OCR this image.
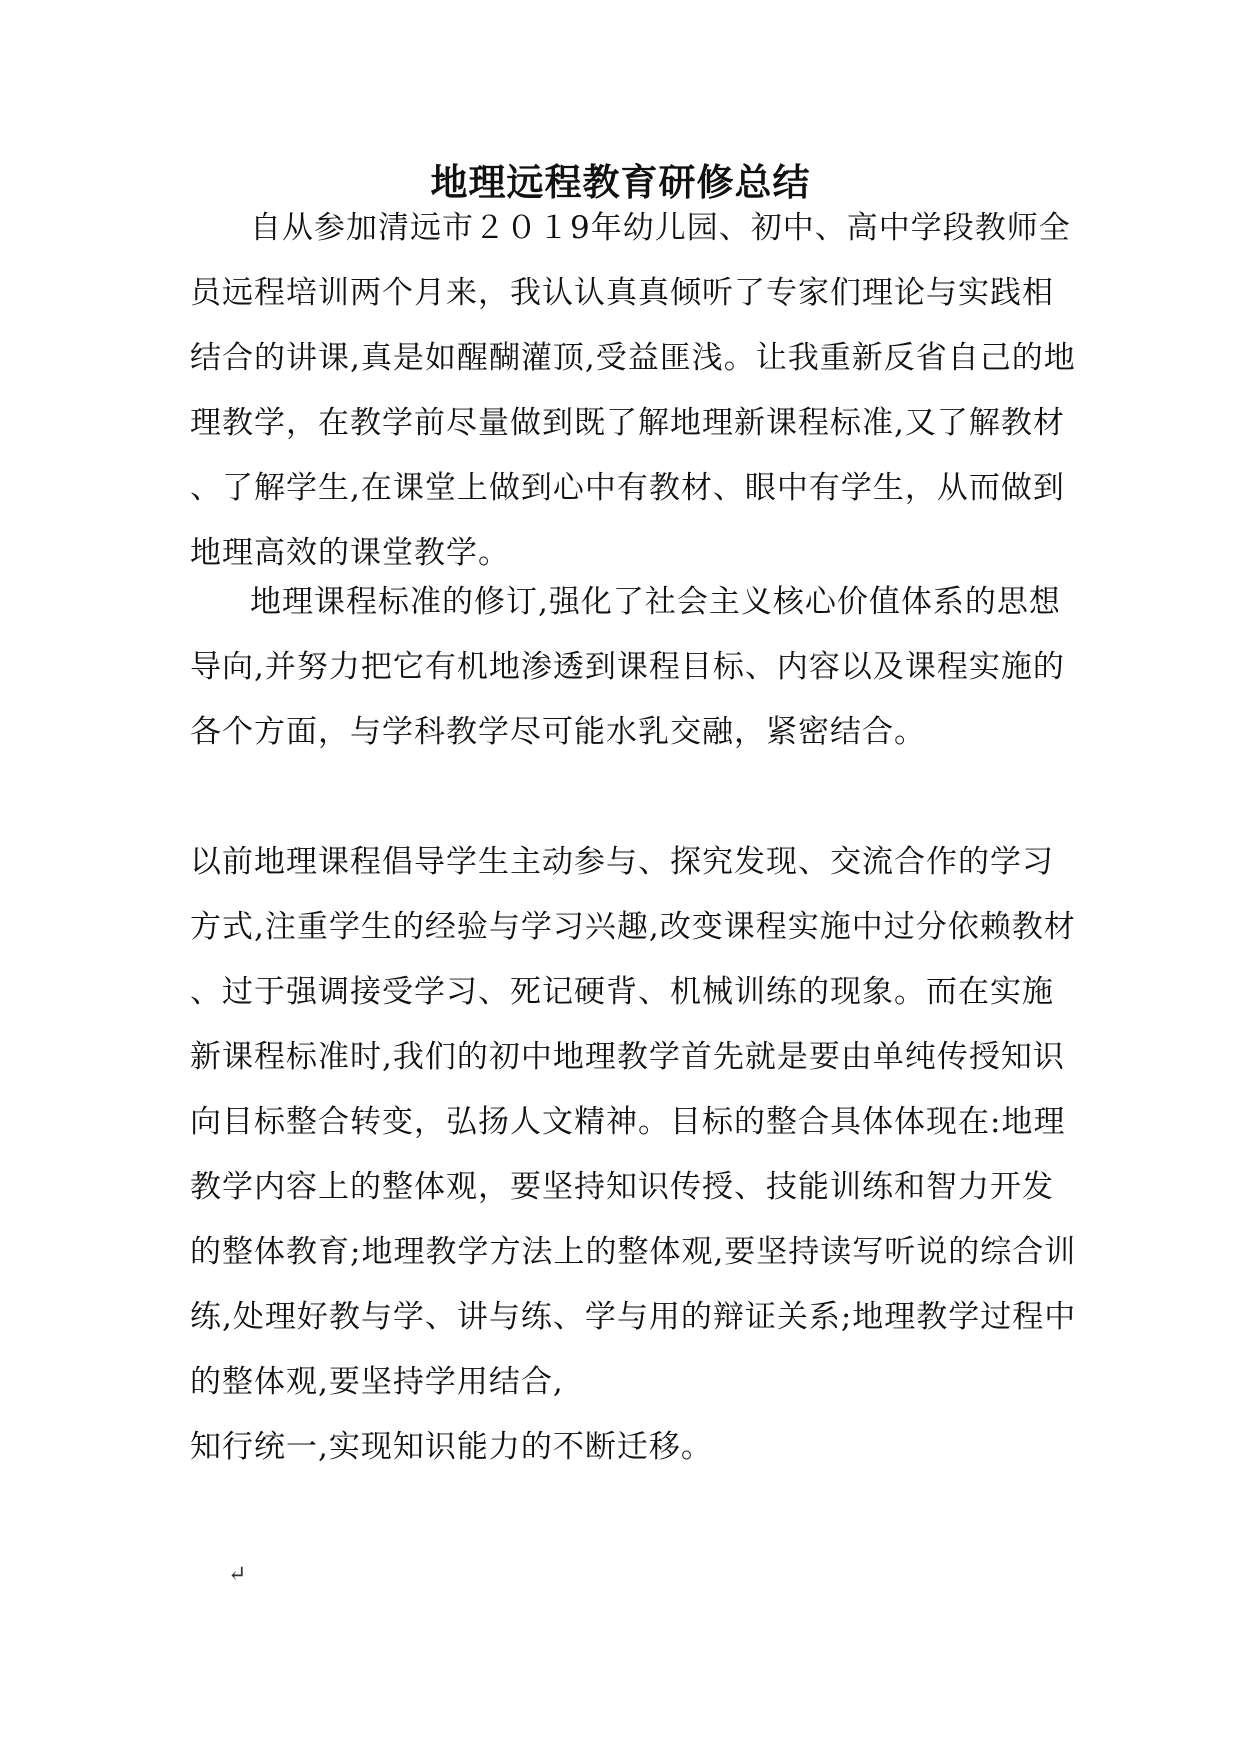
地理远程教育研修总结
自从参加清远市２０１9年幼儿园、初中、高中学段教师全
员远程培训两个月来，我认认真真倾听了专家们理论与实践相
结合的讲课,真是如醒醐灌顶,受益匪浅。让我重新反省自己的地
理教学，在教学前尽量做到既了解地理新课程标准,又了解教材
、了解学生,在课堂上做到心中有教材、眼中有学生，从而做到
地理高效的课堂教学。
地理课程标准的修订,强化了社会主义核心价值体系的思想
导向,并努力把它有机地渗透到课程目标、内容以及课程实施的
各个方面，与学科教学尽可能水乳交融，紧密结合。
以前地理课程倡导学生主动参与、探究发现、交流合作的学习
方式,注重学生的经验与学习兴趣,改变课程实施中过分依赖教材
、过于强调接受学习、死记硬背、机械训练的现象。而在实施
新课程标准时,我们的初中地理教学首先就是要由单纯传授知识
向目标整合转变，弘扬人文精神。目标的整合具体体现在:地理
教学内容上的整体观，要坚持知识传授、技能训练和智力开发
的整体教育;地理教学方法上的整体观,要坚持读写听说的综合训
练,处理好教与学、讲与练、学与用的辩证关系;地理教学过程中
的整体观,要坚持学用结合,
知行统一,实现知识能力的不断迁移。
↵
